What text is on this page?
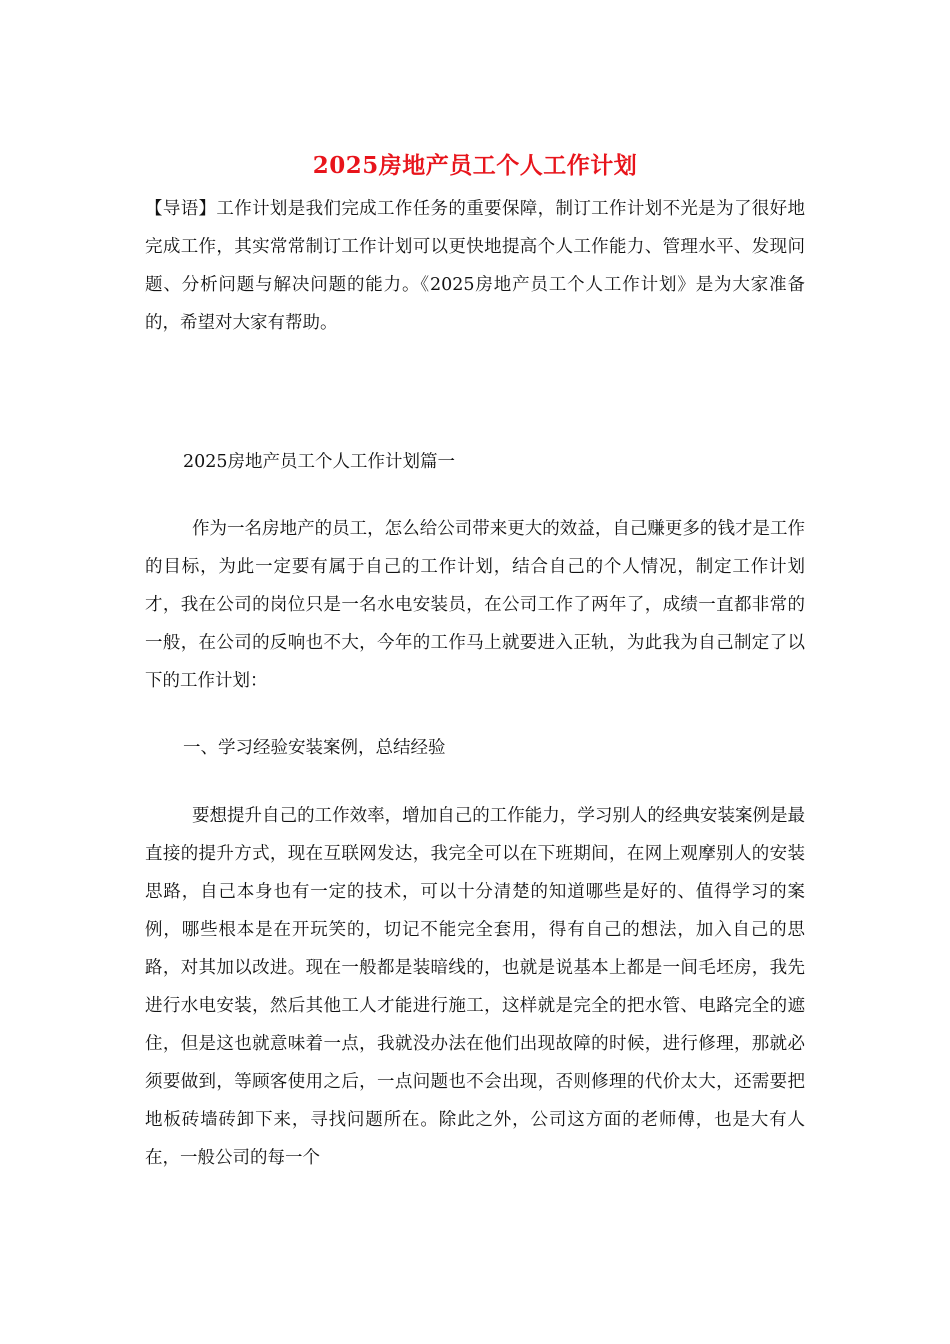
2025房地产员工个人工作计划
【导语】工作计划是我们完成工作任务的重要保障，制订工作计划不光是为了很好地完成工作，其实常常制订工作计划可以更快地提高个人工作能力、管理水平、发现问题、分析问题与解决问题的能力。《2025房地产员工个人工作计划》是为大家准备的，希望对大家有帮助。
2025房地产员工个人工作计划篇一
作为一名房地产的员工，怎么给公司带来更大的效益，自己赚更多的钱才是工作的目标，为此一定要有属于自己的工作计划，结合自己的个人情况，制定工作计划才，我在公司的岗位只是一名水电安装员，在公司工作了两年了，成绩一直都非常的一般，在公司的反响也不大，今年的工作马上就要进入正轨，为此我为自己制定了以下的工作计划：
一、学习经验安装案例，总结经验
要想提升自己的工作效率，增加自己的工作能力，学习别人的经典安装案例是最直接的提升方式，现在互联网发达，我完全可以在下班期间，在网上观摩别人的安装思路，自己本身也有一定的技术，可以十分清楚的知道哪些是好的、值得学习的案例，哪些根本是在开玩笑的，切记不能完全套用，得有自己的想法，加入自己的思路，对其加以改进。现在一般都是装暗线的，也就是说基本上都是一间毛坯房，我先进行水电安装，然后其他工人才能进行施工，这样就是完全的把水管、电路完全的遮住，但是这也就意味着一点，我就没办法在他们出现故障的时候，进行修理，那就必须要做到，等顾客使用之后，一点问题也不会出现，否则修理的代价太大，还需要把地板砖墙砖卸下来，寻找问题所在。除此之外，公司这方面的老师傅，也是大有人在，一般公司的每一个
